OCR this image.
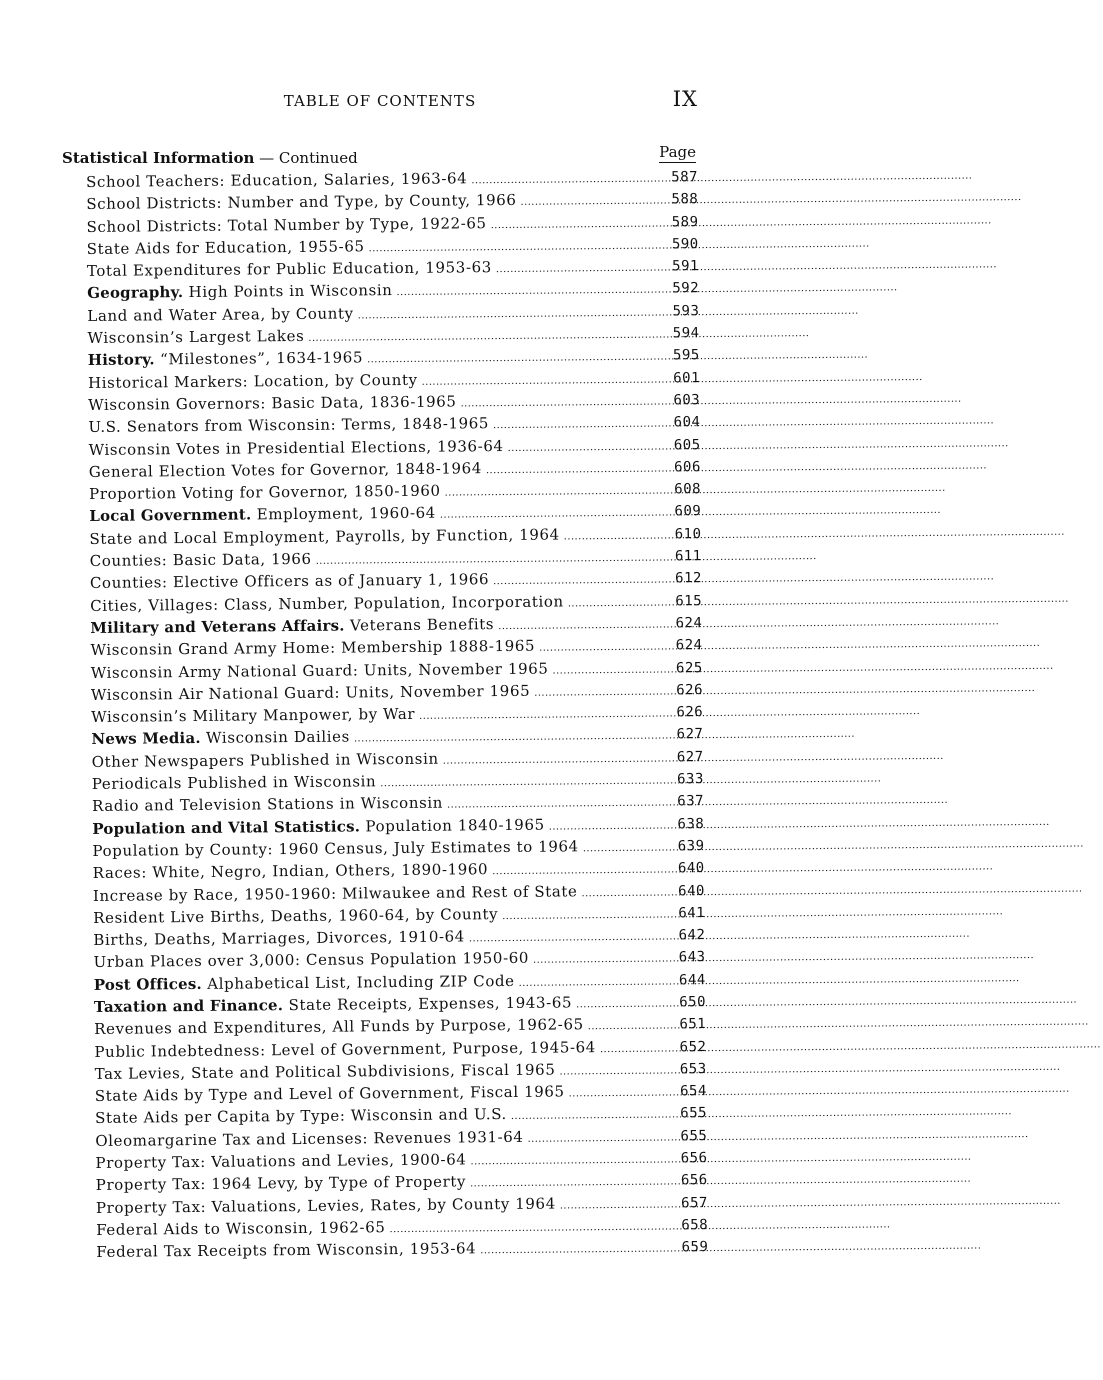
TABLE OF CONTENTS	IX
Statistical Information — Continued	Page
School Teachers: Education, Salaries, 1963-64 .....	587
School Districts: Number and Type, by County, 1966 .....	588
School Districts: Total Number by Type, 1922-65 .....	589
State Aids for Education, 1955-65 .....	590
Total Expenditures for Public Education, 1953-63 .....	591
Geography. High Points in Wisconsin .....	592
Land and Water Area, by County .....	593
Wisconsin’s Largest Lakes .....	594
History. “Milestones”, 1634-1965 .....	595
Historical Markers: Location, by County .....	601
Wisconsin Governors: Basic Data, 1836-1965 .....	603
U.S. Senators from Wisconsin: Terms, 1848-1965 .....	604
Wisconsin Votes in Presidential Elections, 1936-64 .....	605
General Election Votes for Governor, 1848-1964 .....	606
Proportion Voting for Governor, 1850-1960 .....	608
Local Government. Employment, 1960-64 .....	609
State and Local Employment, Payrolls, by Function, 1964 .....	610
Counties: Basic Data, 1966 .....	611
Counties: Elective Officers as of January 1, 1966 .....	612
Cities, Villages: Class, Number, Population, Incorporation .....	615
Military and Veterans Affairs. Veterans Benefits .....	624
Wisconsin Grand Army Home: Membership 1888-1965 .....	624
Wisconsin Army National Guard: Units, November 1965 .....	625
Wisconsin Air National Guard: Units, November 1965 .....	626
Wisconsin’s Military Manpower, by War .....	626
News Media. Wisconsin Dailies .....	627
Other Newspapers Published in Wisconsin .....	627
Periodicals Published in Wisconsin .....	633
Radio and Television Stations in Wisconsin .....	637
Population and Vital Statistics. Population 1840-1965 .....	638
Population by County: 1960 Census, July Estimates to 1964 .....	639
Races: White, Negro, Indian, Others, 1890-1960 .....	640
Increase by Race, 1950-1960: Milwaukee and Rest of State .....	640
Resident Live Births, Deaths, 1960-64, by County .....	641
Births, Deaths, Marriages, Divorces, 1910-64 .....	642
Urban Places over 3,000: Census Population 1950-60 .....	643
Post Offices. Alphabetical List, Including ZIP Code .....	644
Taxation and Finance. State Receipts, Expenses, 1943-65 .....	650
Revenues and Expenditures, All Funds by Purpose, 1962-65 .....	651
Public Indebtedness: Level of Government, Purpose, 1945-64 .....	652
Tax Levies, State and Political Subdivisions, Fiscal 1965 .....	653
State Aids by Type and Level of Government, Fiscal 1965 .....	654
State Aids per Capita by Type: Wisconsin and U.S. .....	655
Oleomargarine Tax and Licenses: Revenues 1931-64 .....	655
Property Tax: Valuations and Levies, 1900-64 .....	656
Property Tax: 1964 Levy, by Type of Property .....	656
Property Tax: Valuations, Levies, Rates, by County 1964 .....	657
Federal Aids to Wisconsin, 1962-65 .....	658
Federal Tax Receipts from Wisconsin, 1953-64 .....	659
